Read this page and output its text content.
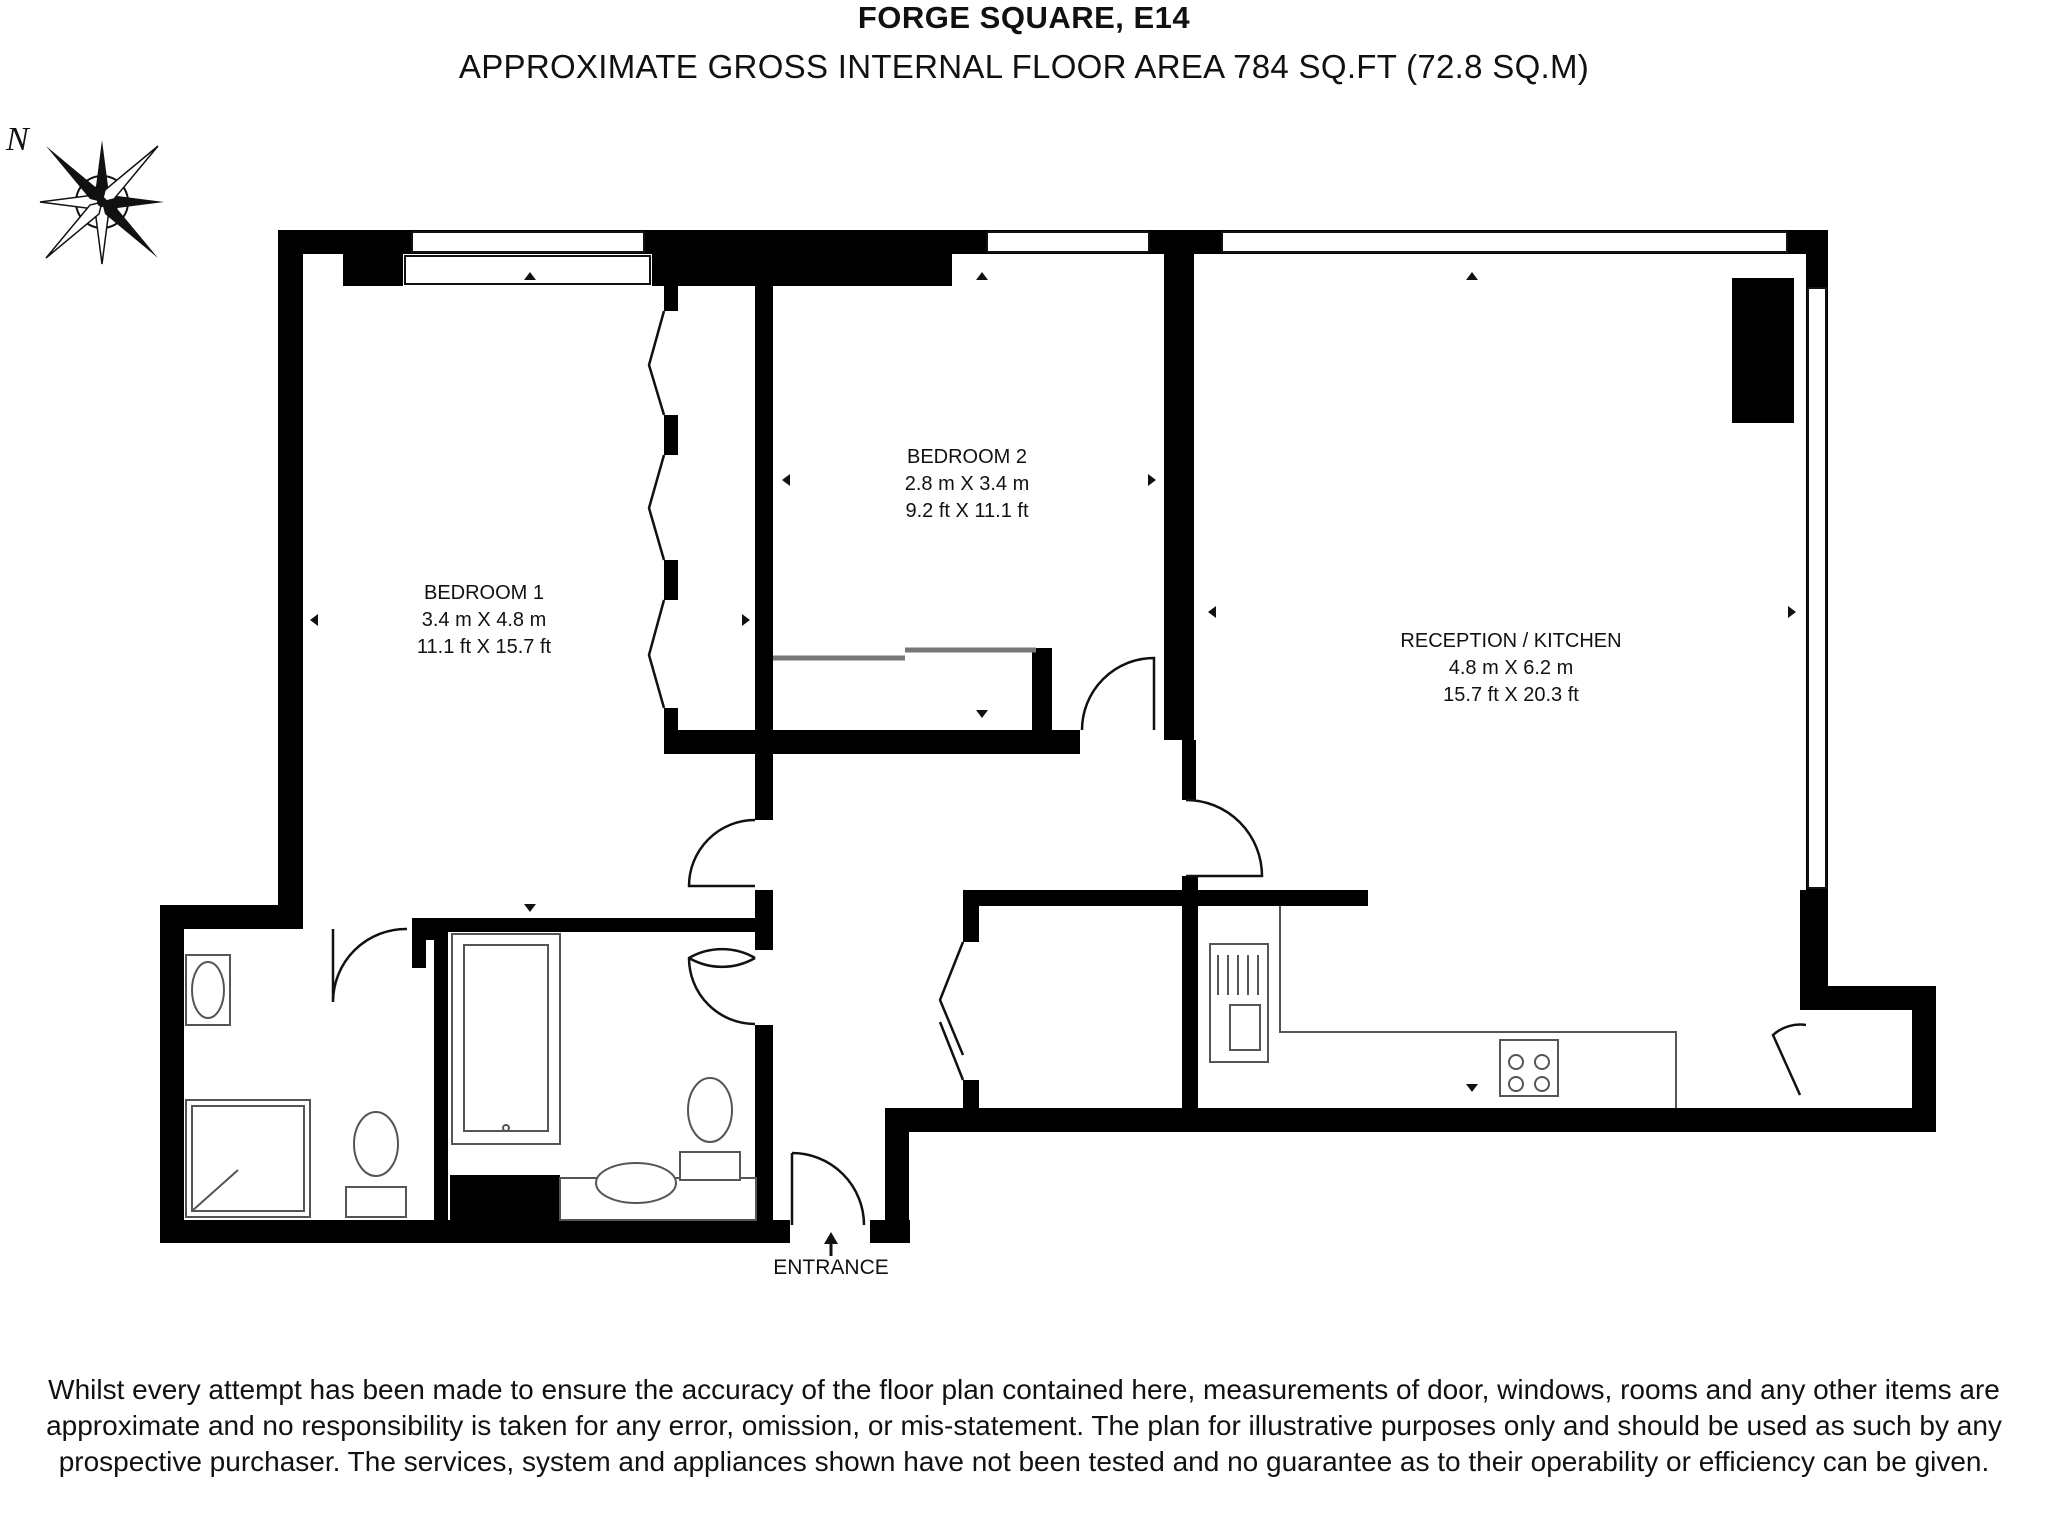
FORGE SQUARE, E14
APPROXIMATE GROSS INTERNAL FLOOR AREA 784 SQ.FT (72.8 SQ.M)
N
BEDROOM 2
2.8 m X 3.4 m
9.2 ft X 11.1 ft
BEDROOM 1
3.4 m X 4.8 m
11.1 ft X 15.7 ft	RECEPTION / KITCHEN
4.8 m X 6.2 m
15.7 ft X 20.3 ft
ENTRANCE
Whilst every attempt has been made to ensure the accuracy of the floor plan contained here, measurements of door, windows, rooms and any other items are approximate and no responsibility is taken for any error, omission, or mis-statement. The plan for illustrative purposes only and should be used as such by any prospective purchaser. The services, system and appliances shown have not been tested and no guarantee as to their operability or efficiency can be given.
